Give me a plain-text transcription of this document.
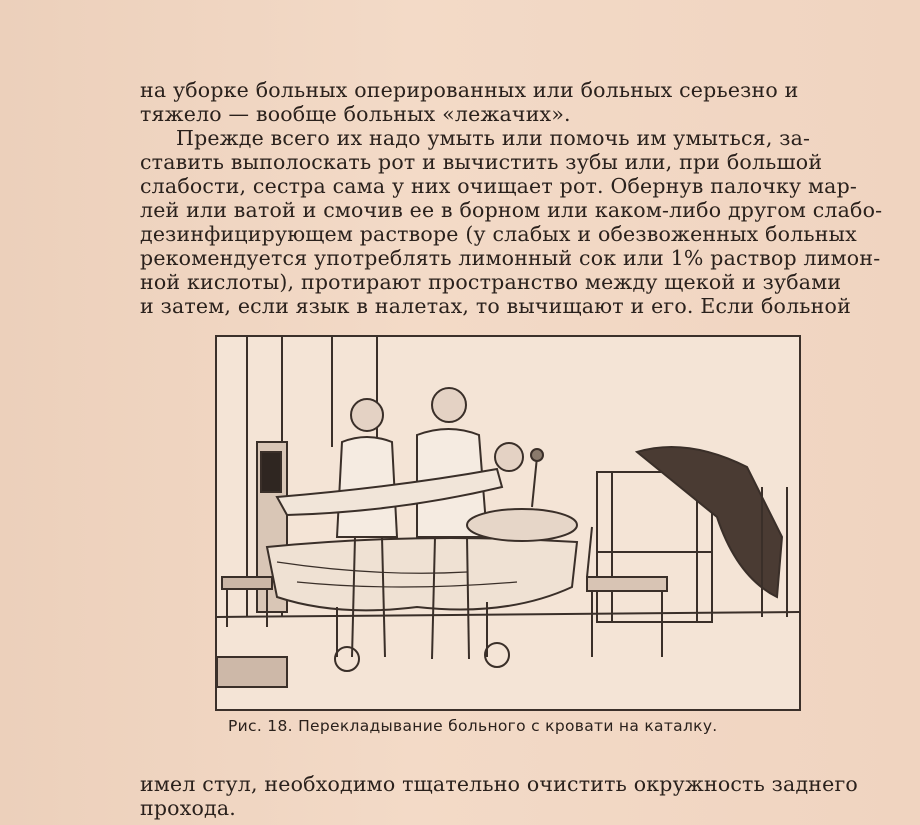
на уборке больных оперированных или больных серьезно и
тяжело — вообще больных «лежачих».
Прежде всего их надо умыть или помочь им умыться, за-
ставить выполоскать рот и вычистить зубы или, при большой
слабости, сестра сама у них очищает рот. Обернув палочку мар-
лей или ватой и смочив ее в борном или каком-либо другом слабо-
дезинфицирующем растворе (у слабых и обезвоженных больных
рекомендуется употреблять лимонный сок или 1% раствор лимон-
ной кислоты), протирают пространство между щекой и зубами
и затем, если язык в налетах, то вычищают и его. Если больной
Рис. 18. Перекладывание больного с кровати на каталку.
имел стул, необходимо тщательно очистить окружность заднего
прохода.
